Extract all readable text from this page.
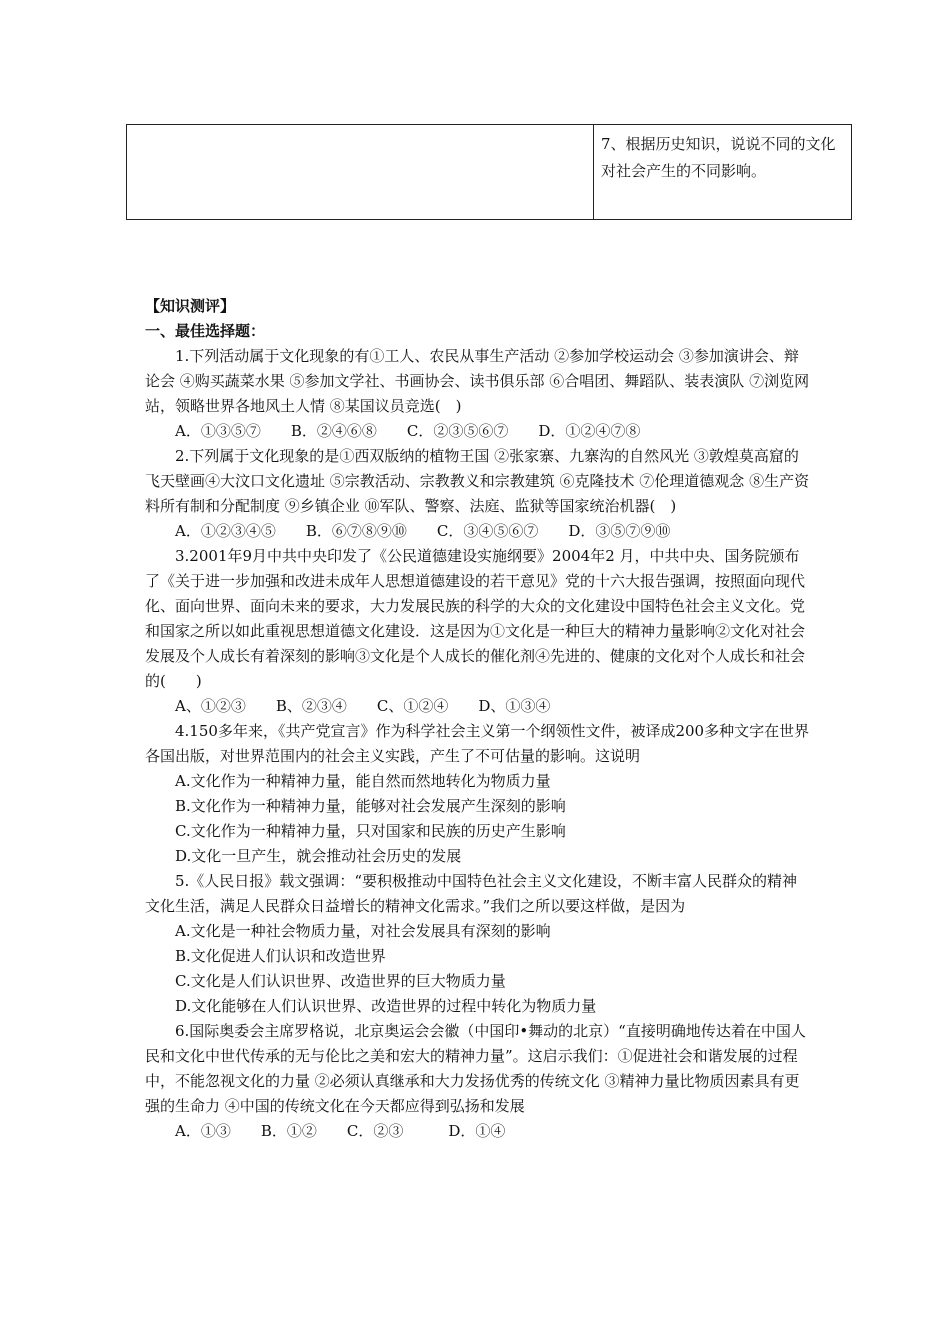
7、根据历史知识，说说不同的文化对社会产生的不同影响。

【知识测评】

一、最佳选择题：

1.下列活动属于文化现象的有①工人、农民从事生产活动 ②参加学校运动会 ③参加演讲会、辩论会 ④购买蔬菜水果 ⑤参加文学社、书画协会、读书俱乐部 ⑥合唱团、舞蹈队、装表演队 ⑦浏览网站，领略世界各地风土人情 ⑧某国议员竞选(　)

A．①③⑤⑦　　B．②④⑥⑧　　C．②③⑤⑥⑦　　D．①②④⑦⑧

2.下列属于文化现象的是①西双版纳的植物王国 ②张家寨、九寨沟的自然风光 ③敦煌莫高窟的飞天壁画④大汶口文化遗址 ⑤宗教活动、宗教教义和宗教建筑 ⑥克隆技术 ⑦伦理道德观念 ⑧生产资料所有制和分配制度 ⑨乡镇企业 ⑩军队、警察、法庭、监狱等国家统治机器(　)

A．①②③④⑤　　B．⑥⑦⑧⑨⑩　　C．③④⑤⑥⑦　　D．③⑤⑦⑨⑩

3.2001年9月中共中央印发了《公民道德建设实施纲要》2004年2 月，中共中央、国务院颁布了《关于进一步加强和改进未成年人思想道德建设的若干意见》党的十六大报告强调，按照面向现代化、面向世界、面向未来的要求，大力发展民族的科学的大众的文化建设中国特色社会主义文化。党和国家之所以如此重视思想道德文化建设．这是因为①文化是一种巨大的精神力量影响②文化对社会发展及个人成长有着深刻的影响③文化是个人成长的催化剂④先进的、健康的文化对个人成长和社会的(　　)

A、①②③　　B、②③④　　C、①②④　　D、①③④

4.150多年来，《共产党宣言》作为科学社会主义第一个纲领性文件，被译成200多种文字在世界各国出版，对世界范围内的社会主义实践，产生了不可估量的影响。这说明

A.文化作为一种精神力量，能自然而然地转化为物质力量

B.文化作为一种精神力量，能够对社会发展产生深刻的影响

C.文化作为一种精神力量，只对国家和民族的历史产生影响

D.文化一旦产生，就会推动社会历史的发展

5.《人民日报》载文强调：“要积极推动中国特色社会主义文化建设，不断丰富人民群众的精神文化生活，满足人民群众日益增长的精神文化需求。”我们之所以要这样做，是因为

A.文化是一种社会物质力量，对社会发展具有深刻的影响

B.文化促进人们认识和改造世界

C.文化是人们认识世界、改造世界的巨大物质力量

D.文化能够在人们认识世界、改造世界的过程中转化为物质力量

6.国际奥委会主席罗格说，北京奥运会会徽（中国印•舞动的北京）“直接明确地传达着在中国人民和文化中世代传承的无与伦比之美和宏大的精神力量”。这启示我们：①促进社会和谐发展的过程中，不能忽视文化的力量 ②必须认真继承和大力发扬优秀的传统文化 ③精神力量比物质因素具有更强的生命力 ④中国的传统文化在今天都应得到弘扬和发展

A．①③　　B．①②　　C．②③　　　D．①④
